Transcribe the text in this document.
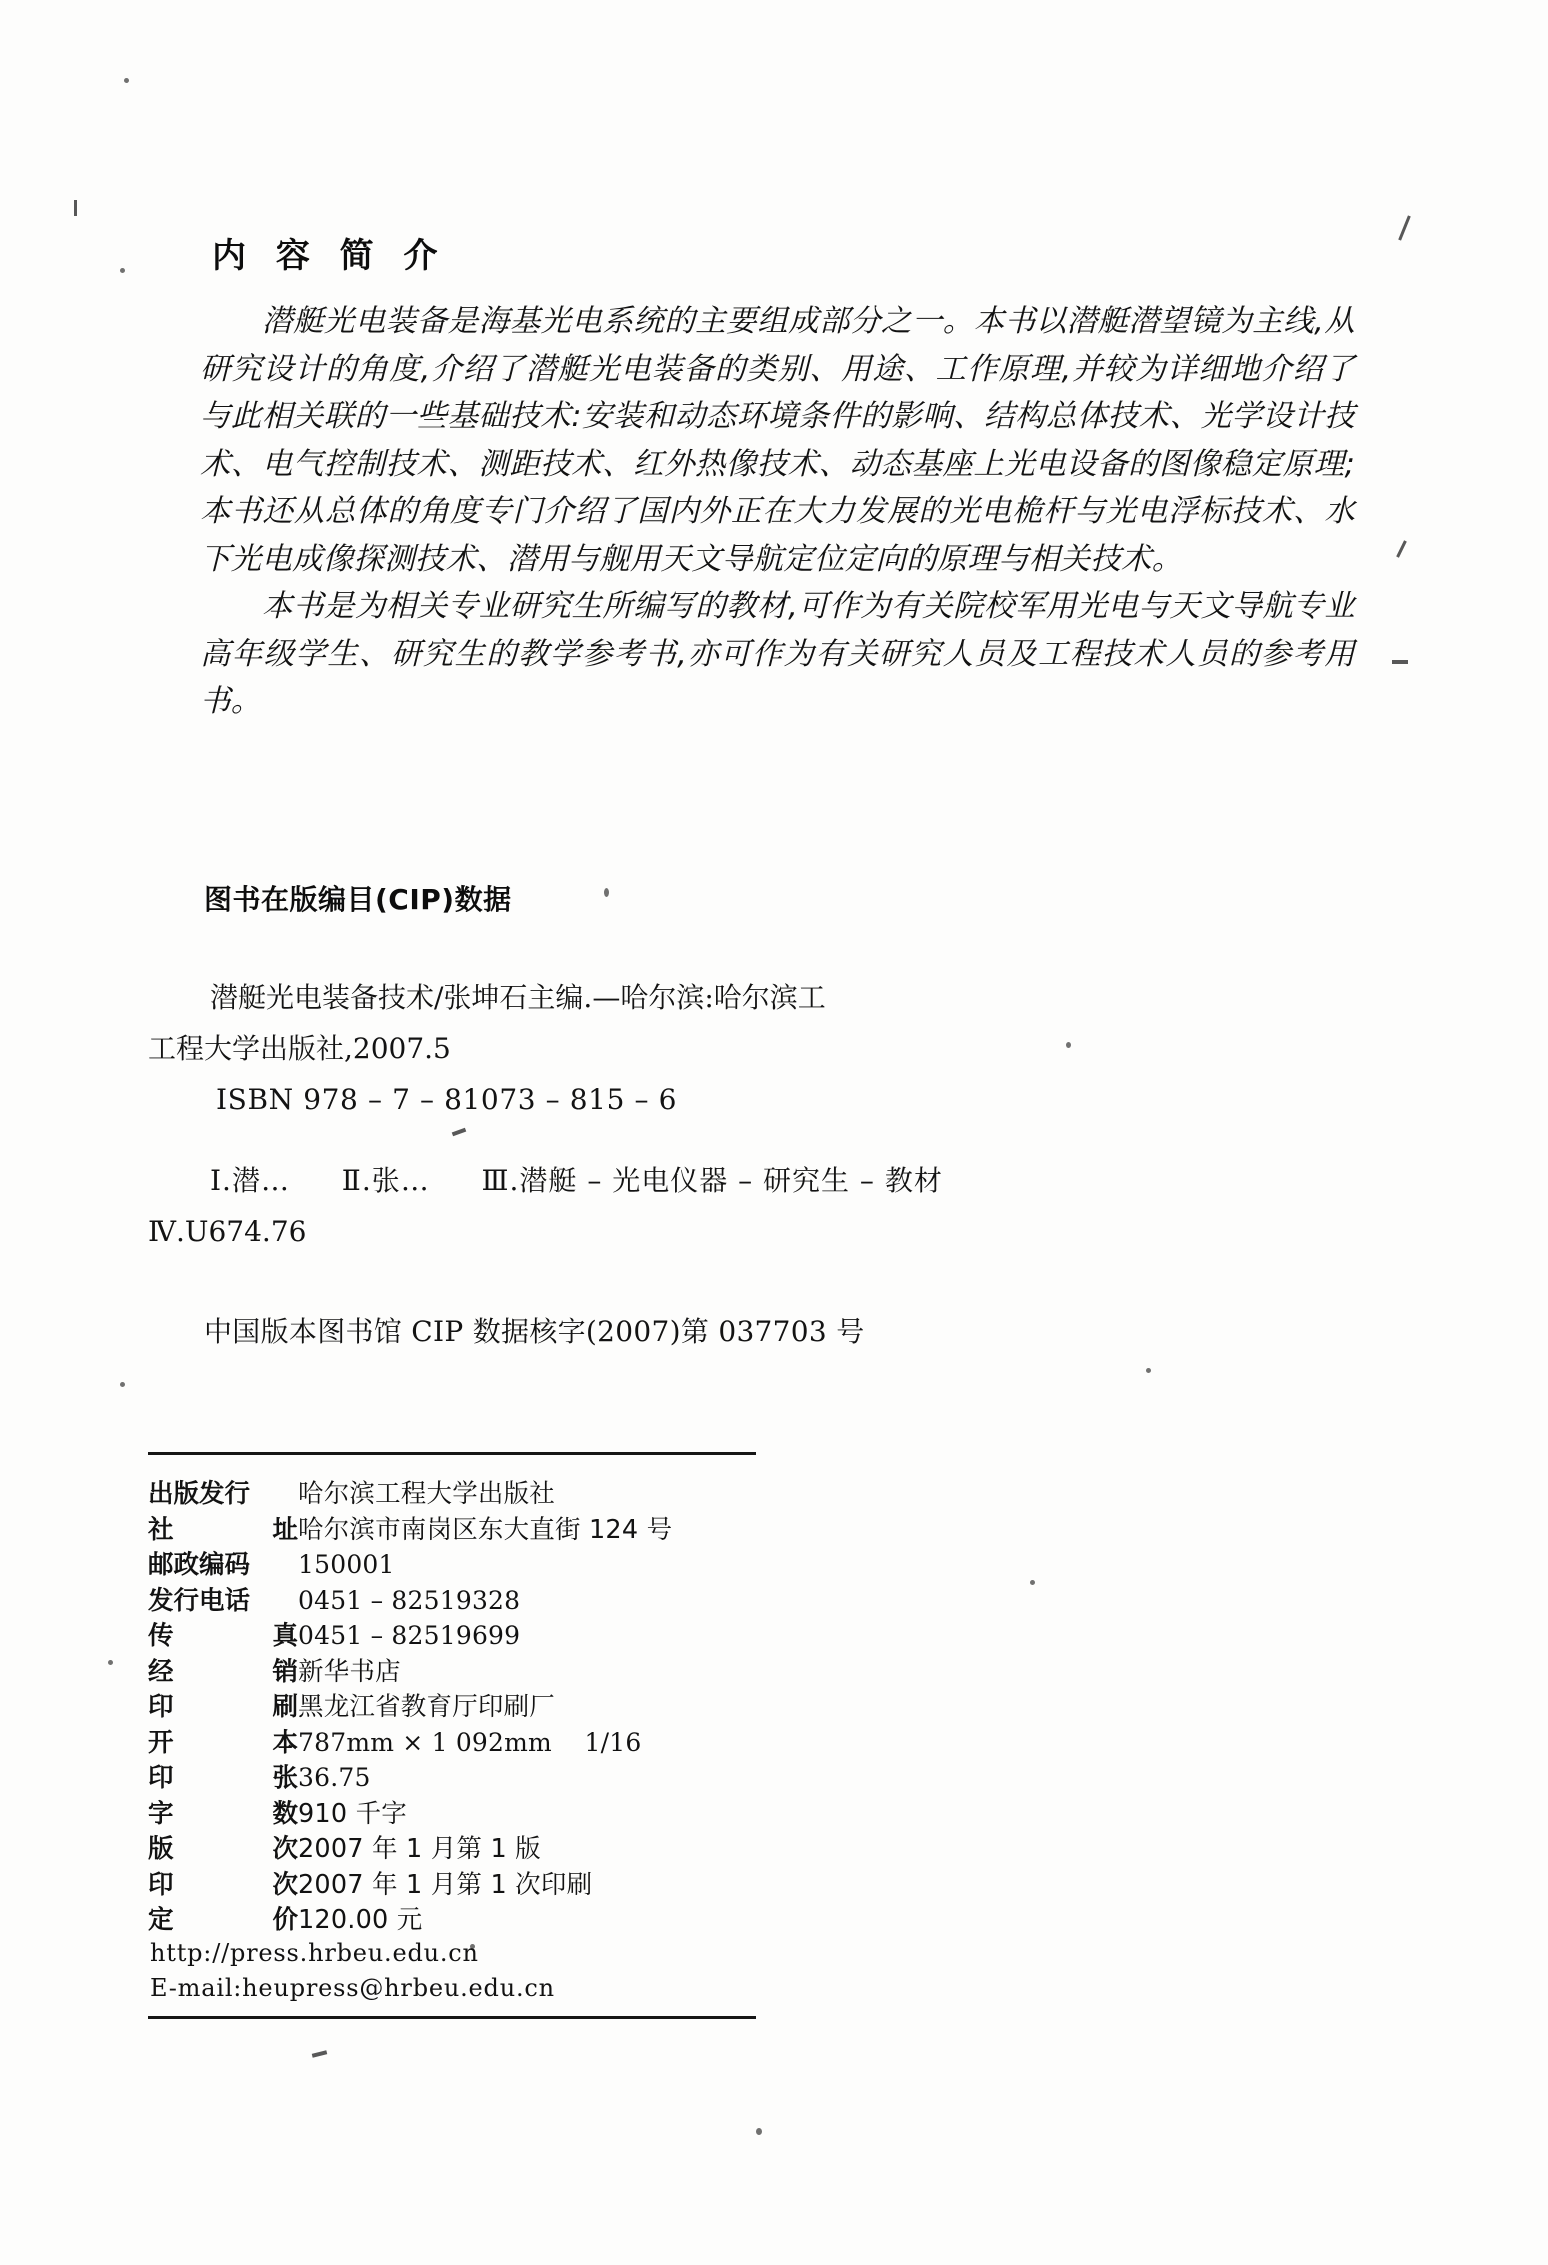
内 容 简 介

潜艇光电装备是海基光电系统的主要组成部分之一。本书以潜艇潜望镜为主线,从研究设计的角度,介绍了潜艇光电装备的类别、用途、工作原理,并较为详细地介绍了与此相关联的一些基础技术:安装和动态环境条件的影响、结构总体技术、光学设计技术、电气控制技术、测距技术、红外热像技术、动态基座上光电设备的图像稳定原理;本书还从总体的角度专门介绍了国内外正在大力发展的光电桅杆与光电浮标技术、水下光电成像探测技术、潜用与舰用天文导航定位定向的原理与相关技术。

本书是为相关专业研究生所编写的教材,可作为有关院校军用光电与天文导航专业高年级学生、研究生的教学参考书,亦可作为有关研究人员及工程技术人员的参考用书。

图书在版编目(CIP)数据
潜艇光电装备技术/张坤石主编.—哈尔滨:哈尔滨工
工程大学出版社,2007.5
ISBN 978 – 7 – 81073 – 815 – 6
Ⅰ.潜… Ⅱ.张… Ⅲ.潜艇 – 光电仪器 – 研究生 – 教材
Ⅳ.U674.76
中国版本图书馆 CIP 数据核字(2007)第 037703 号
出版发行	哈尔滨工程大学出版社
社	址 哈尔滨市南岗区东大直街 124 号
邮政编码	150001
发行电话	0451 – 82519328
传	真 0451 – 82519699
经	销 新华书店
印	刷 黑龙江省教育厅印刷厂
开	本 787mm × 1 092mm    1/16
印	张 36.75
字	数 910 千字
版	次 2007 年 1 月第 1 版
印	次 2007 年 1 月第 1 次印刷
定	价 120.00 元
http://press.hrbeu.edu.cn
E-mail:heupress@hrbeu.edu.cn
